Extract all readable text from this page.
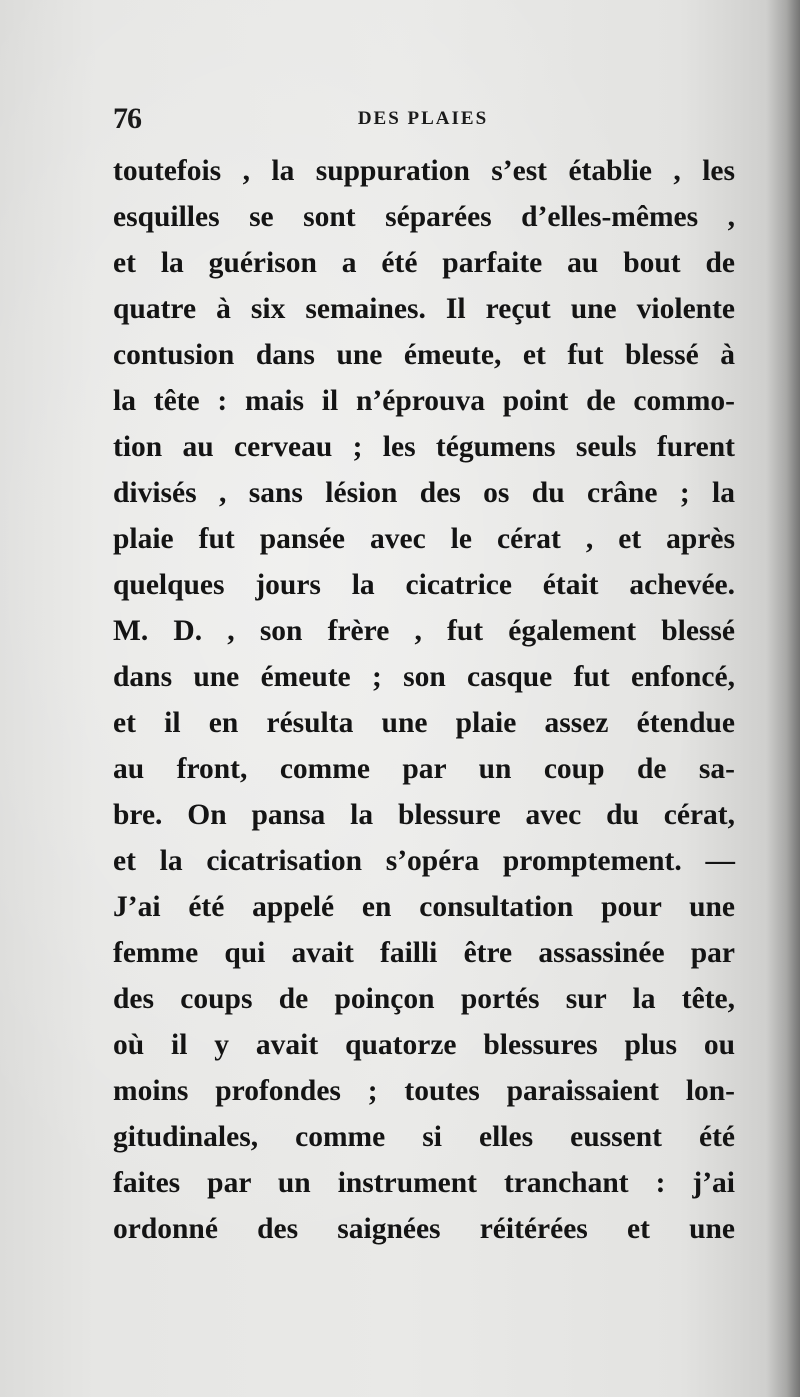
76	DES PLAIES
toutefois , la suppuration s’est établie , les
esquilles se sont séparées d’elles-mêmes ,
et la guérison a été parfaite au bout de
quatre à six semaines. Il reçut une violente
contusion dans une émeute, et fut blessé à
la tête : mais il n’éprouva point de commo-
tion au cerveau ; les tégumens seuls furent
divisés , sans lésion des os du crâne ; la
plaie fut pansée avec le cérat , et après
quelques jours la cicatrice était achevée.
M. D. , son frère , fut également blessé
dans une émeute ; son casque fut enfoncé,
et il en résulta une plaie assez étendue
au front, comme par un coup de sa-
bre. On pansa la blessure avec du cérat,
et la cicatrisation s’opéra promptement. —
J’ai été appelé en consultation pour une
femme qui avait failli être assassinée par
des coups de poinçon portés sur la tête,
où il y avait quatorze blessures plus ou
moins profondes ; toutes paraissaient lon-
gitudinales, comme si elles eussent été
faites par un instrument tranchant : j’ai
ordonné des saignées réitérées et une
